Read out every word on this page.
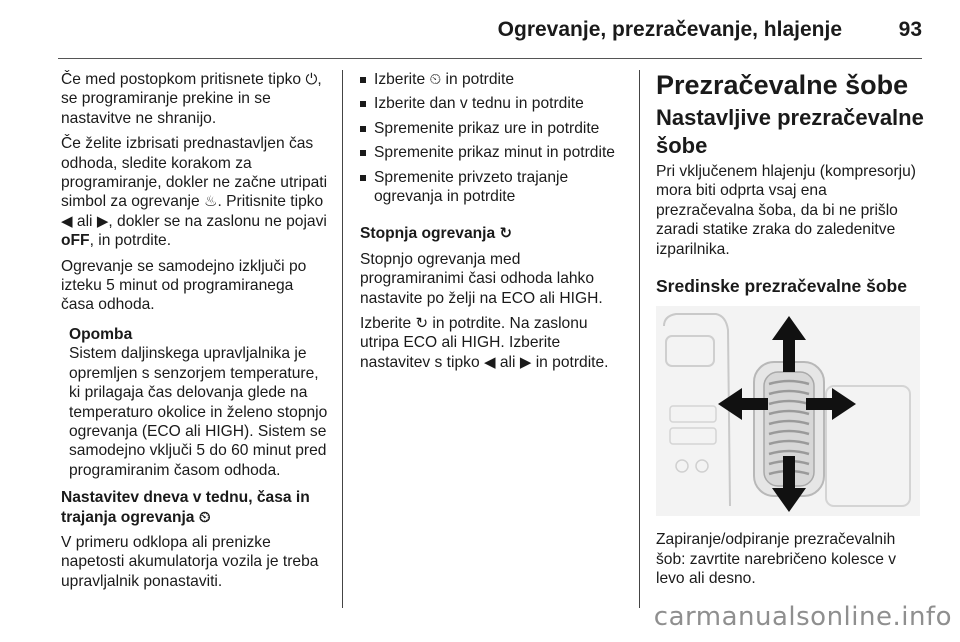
Ogrevanje, prezračevanje, hlajenje	93

Če med postopkom pritisnete tipko ⏻, se programiranje prekine in se nastavitve ne shranijo.

Če želite izbrisati prednastavljen čas odhoda, sledite korakom za programiranje, dokler ne začne utripati simbol za ogrevanje ♨. Pritisnite tipko ◀ ali ▶, dokler se na zaslonu ne pojavi oFF, in potrdite.

Ogrevanje se samodejno izključi po izteku 5 minut od programiranega časa odhoda.

Opomba
Sistem daljinskega upravljalnika je opremljen s senzorjem temperature, ki prilagaja čas delovanja glede na temperaturo okolice in želeno stopnjo ogrevanja (ECO ali HIGH). Sistem se samodejno vključi 5 do 60 minut pred programiranim časom odhoda.

Nastavitev dneva v tednu, časa in trajanja ogrevanja ⏲

V primeru odklopa ali prenizke napetosti akumulatorja vozila je treba upravljalnik ponastaviti.

Izberite ⏲ in potrdite
Izberite dan v tednu in potrdite
Spremenite prikaz ure in potrdite
Spremenite prikaz minut in potrdite
Spremenite privzeto trajanje ogrevanja in potrdite

Stopnja ogrevanja ↻

Stopnjo ogrevanja med programiranimi časi odhoda lahko nastavite po želji na ECO ali HIGH.

Izberite ↻ in potrdite. Na zaslonu utripa ECO ali HIGH. Izberite nastavitev s tipko ◀ ali ▶ in potrdite.

Prezračevalne šobe
Nastavljive prezračevalne šobe

Pri vključenem hlajenju (kompresorju) mora biti odprta vsaj ena prezračevalna šoba, da bi ne prišlo zaradi statike zraka do zaledenitve izparilnika.

Sredinske prezračevalne šobe

Zapiranje/odpiranje prezračevalnih šob: zavrtite narebričeno kolesce v levo ali desno.

carmanualsonline.info
